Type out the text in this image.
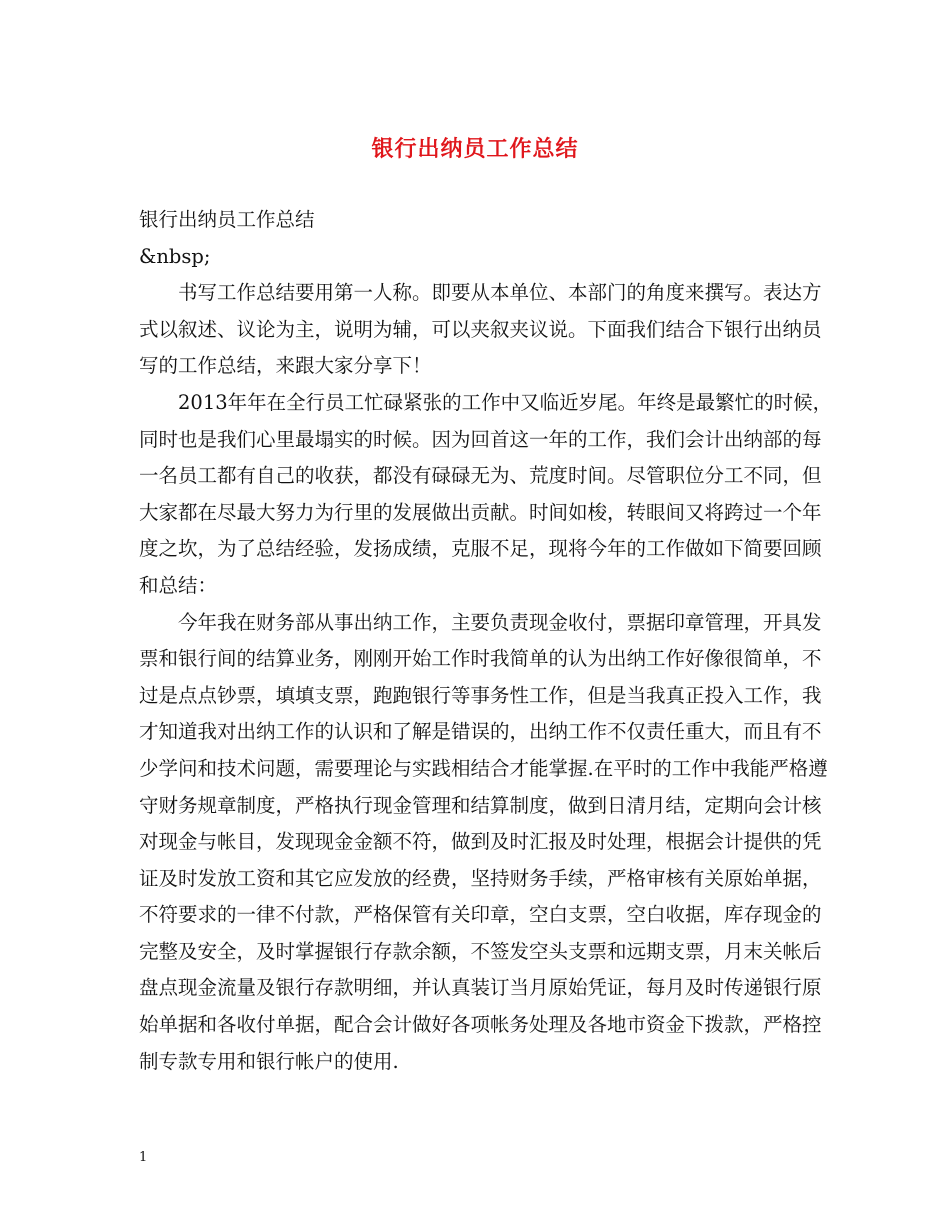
银行出纳员工作总结

银行出纳员工作总结

&nbsp;

书写工作总结要用第一人称。即要从本单位、本部门的角度来撰写。表达方式以叙述、议论为主，说明为辅，可以夹叙夹议说。下面我们结合下银行出纳员写的工作总结，来跟大家分享下！

2013年年在全行员工忙碌紧张的工作中又临近岁尾。年终是最繁忙的时候，同时也是我们心里最塌实的时候。因为回首这一年的工作，我们会计出纳部的每一名员工都有自己的收获，都没有碌碌无为、荒度时间。尽管职位分工不同，但大家都在尽最大努力为行里的发展做出贡献。时间如梭，转眼间又将跨过一个年度之坎，为了总结经验，发扬成绩，克服不足，现将今年的工作做如下简要回顾和总结：

今年我在财务部从事出纳工作，主要负责现金收付，票据印章管理，开具发票和银行间的结算业务，刚刚开始工作时我简单的认为出纳工作好像很简单，不过是点点钞票，填填支票，跑跑银行等事务性工作，但是当我真正投入工作，我才知道我对出纳工作的认识和了解是错误的，出纳工作不仅责任重大，而且有不少学问和技术问题，需要理论与实践相结合才能掌握.在平时的工作中我能严格遵守财务规章制度，严格执行现金管理和结算制度，做到日清月结，定期向会计核对现金与帐目，发现现金金额不符，做到及时汇报及时处理，根据会计提供的凭证及时发放工资和其它应发放的经费，坚持财务手续，严格审核有关原始单据，不符要求的一律不付款，严格保管有关印章，空白支票，空白收据，库存现金的完整及安全，及时掌握银行存款余额，不签发空头支票和远期支票，月末关帐后盘点现金流量及银行存款明细，并认真装订当月原始凭证，每月及时传递银行原始单据和各收付单据，配合会计做好各项帐务处理及各地市资金下拨款，严格控制专款专用和银行帐户的使用.

1
